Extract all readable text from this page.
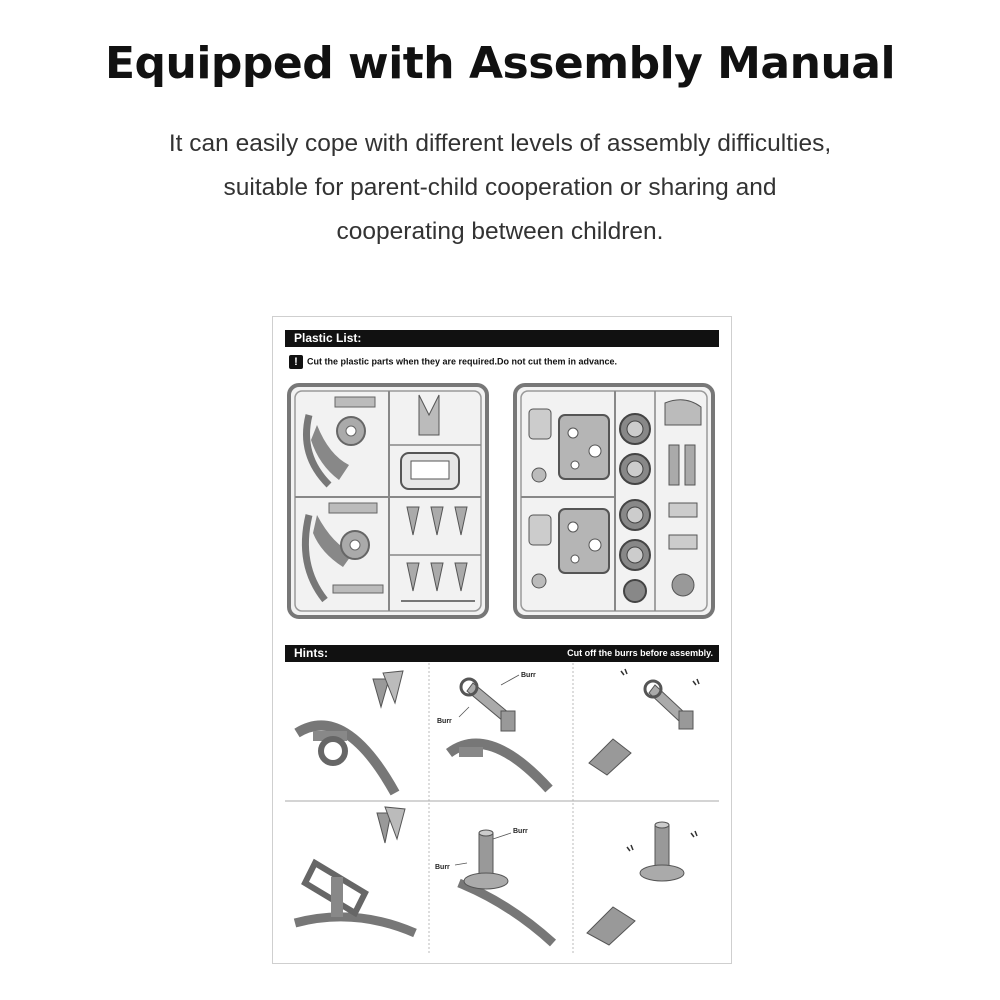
Equipped with Assembly Manual
It can easily cope with different levels of assembly difficulties,
suitable for parent-child cooperation or sharing and
cooperating between children.
Plastic List:
! Cut the plastic parts when they are required.Do not cut them in advance.
Hints:	Cut off the burrs before assembly.
Burr
Burr
Burr
Burr
